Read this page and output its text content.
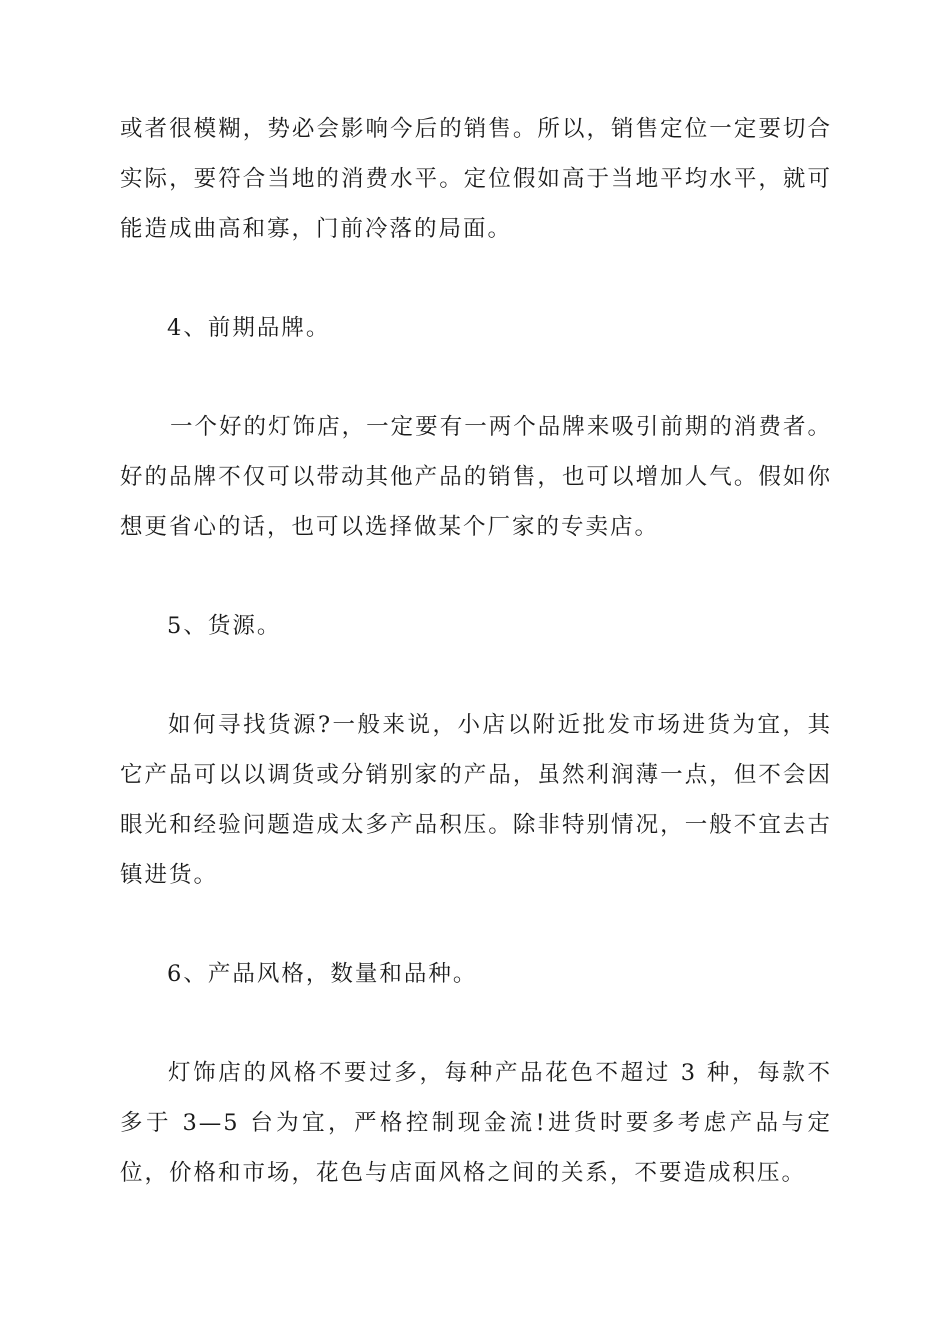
或者很模糊，势必会影响今后的销售。所以，销售定位一定要切合实际，要符合当地的消费水平。定位假如高于当地平均水平，就可能造成曲高和寡，门前冷落的局面。

4、前期品牌。

一个好的灯饰店，一定要有一两个品牌来吸引前期的消费者。好的品牌不仅可以带动其他产品的销售，也可以增加人气。假如你想更省心的话，也可以选择做某个厂家的专卖店。

5、货源。

如何寻找货源?一般来说，小店以附近批发市场进货为宜，其它产品可以以调货或分销别家的产品，虽然利润薄一点，但不会因眼光和经验问题造成太多产品积压。除非特别情况，一般不宜去古镇进货。

6、产品风格，数量和品种。

灯饰店的风格不要过多，每种产品花色不超过 3 种，每款不多于 3—5 台为宜，严格控制现金流!进货时要多考虑产品与定位，价格和市场，花色与店面风格之间的关系，不要造成积压。
